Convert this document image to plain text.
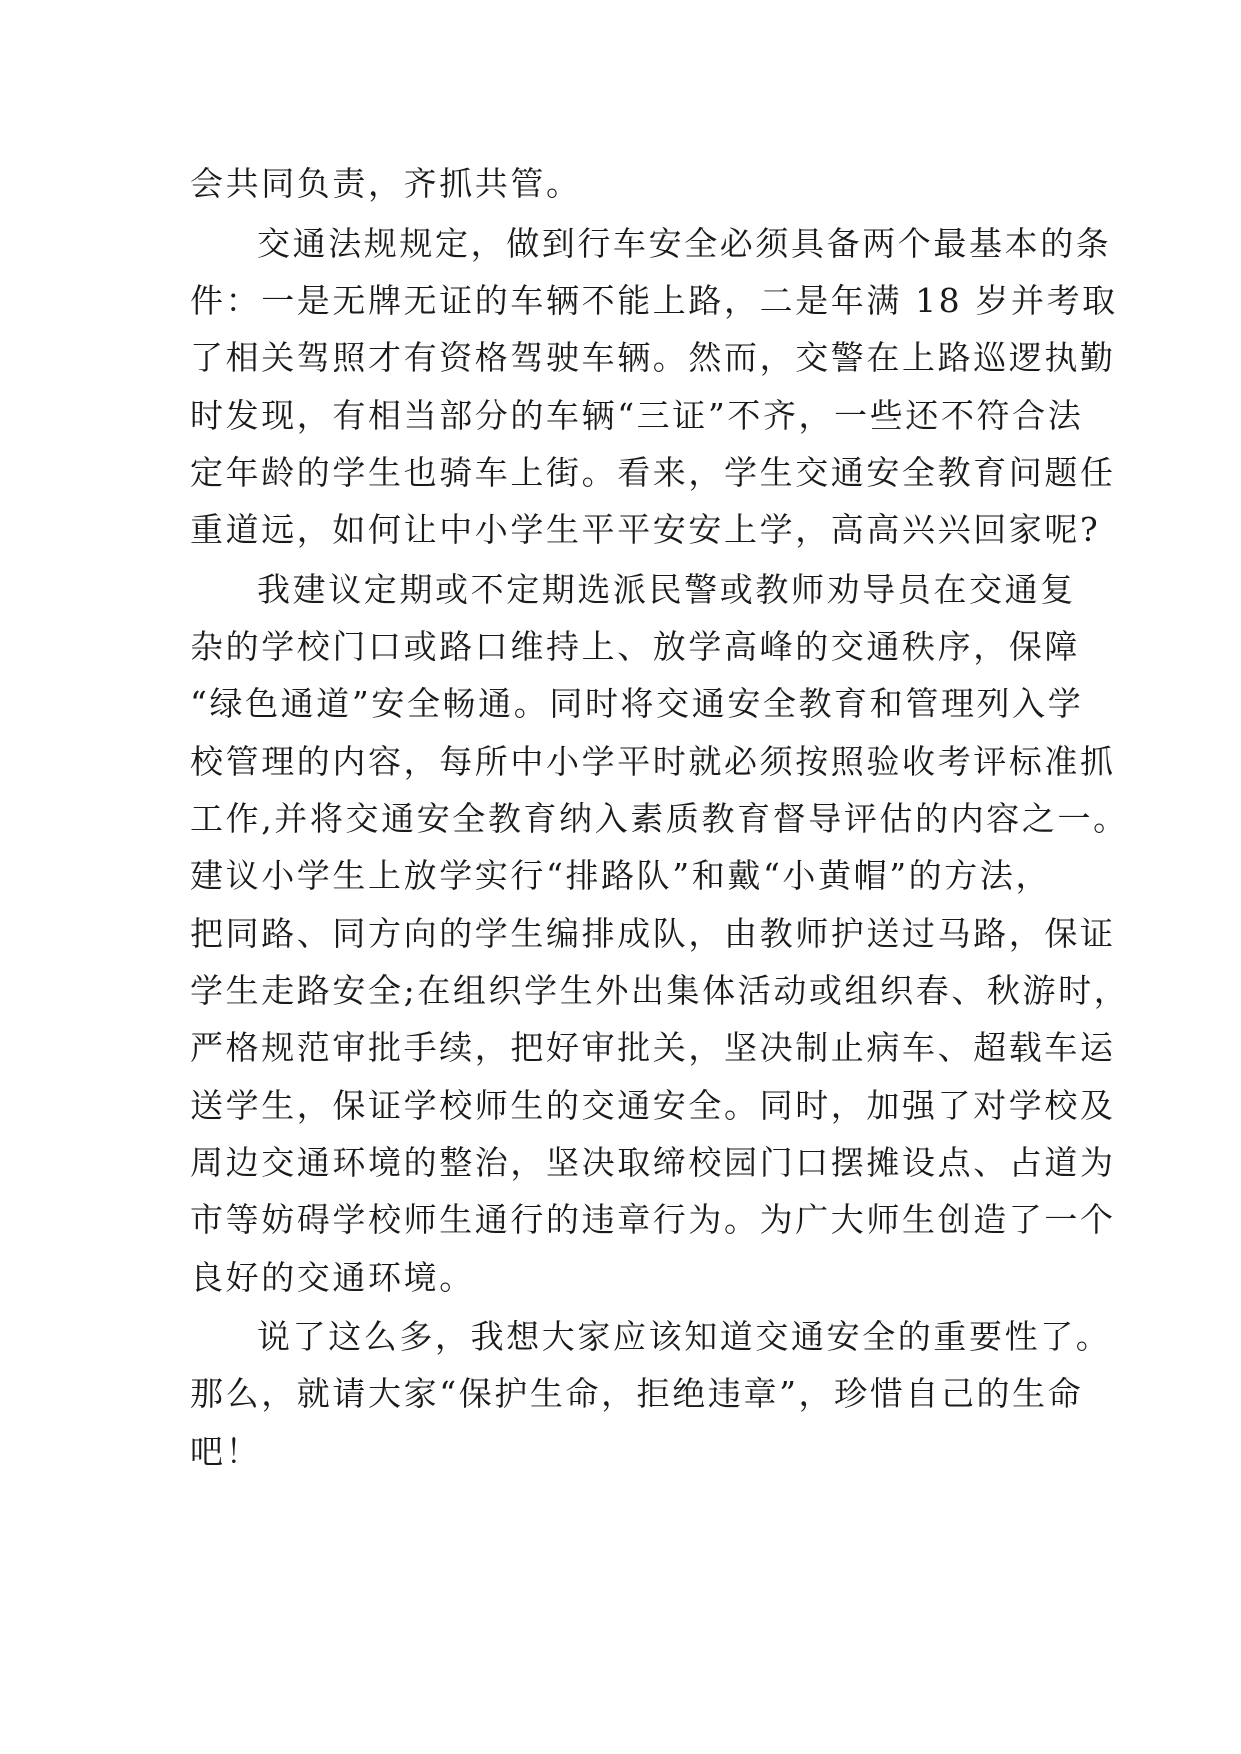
会共同负责，齐抓共管。
交通法规规定，做到行车安全必须具备两个最基本的条
件：一是无牌无证的车辆不能上路，二是年满 18 岁并考取
了相关驾照才有资格驾驶车辆。然而，交警在上路巡逻执勤
时发现，有相当部分的车辆“三证”不齐，一些还不符合法
定年龄的学生也骑车上街。看来，学生交通安全教育问题任
重道远，如何让中小学生平平安安上学，高高兴兴回家呢?
我建议定期或不定期选派民警或教师劝导员在交通复
杂的学校门口或路口维持上、放学高峰的交通秩序，保障
“绿色通道”安全畅通。同时将交通安全教育和管理列入学
校管理的内容，每所中小学平时就必须按照验收考评标准抓
工作,并将交通安全教育纳入素质教育督导评估的内容之一。
建议小学生上放学实行“排路队”和戴“小黄帽”的方法，
把同路、同方向的学生编排成队，由教师护送过马路，保证
学生走路安全;在组织学生外出集体活动或组织春、秋游时，
严格规范审批手续，把好审批关，坚决制止病车、超载车运
送学生，保证学校师生的交通安全。同时，加强了对学校及
周边交通环境的整治，坚决取缔校园门口摆摊设点、占道为
市等妨碍学校师生通行的违章行为。为广大师生创造了一个
良好的交通环境。
说了这么多，我想大家应该知道交通安全的重要性了。
那么，就请大家“保护生命，拒绝违章”，珍惜自己的生命
吧！
